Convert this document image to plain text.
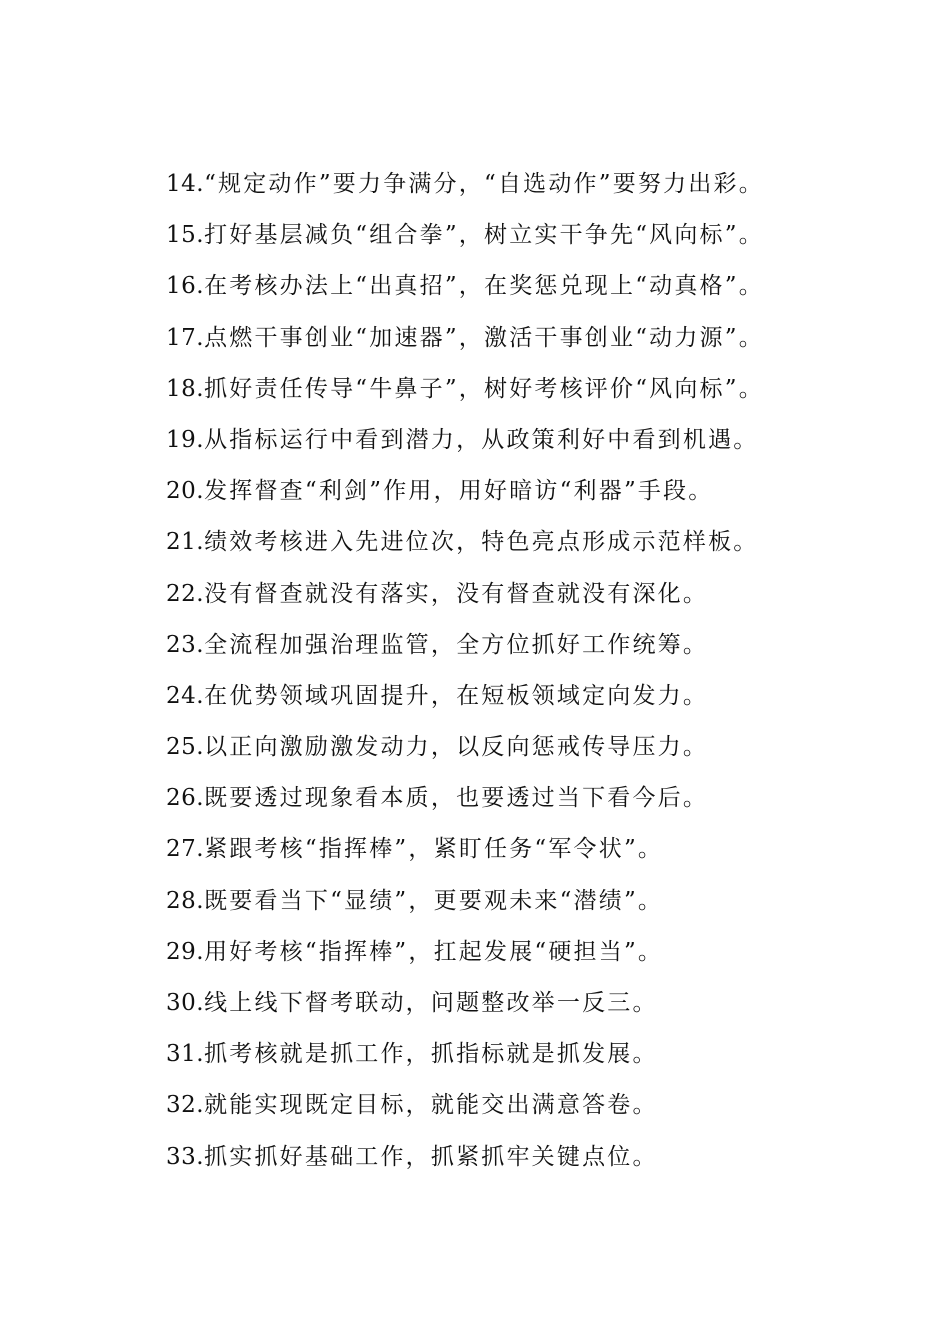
14.“规定动作”要力争满分，“自选动作”要努力出彩。
15.打好基层减负“组合拳”，树立实干争先“风向标”。
16.在考核办法上“出真招”，在奖惩兑现上“动真格”。
17.点燃干事创业“加速器”，激活干事创业“动力源”。
18.抓好责任传导“牛鼻子”，树好考核评价“风向标”。
19.从指标运行中看到潜力，从政策利好中看到机遇。
20.发挥督查“利剑”作用，用好暗访“利器”手段。
21.绩效考核进入先进位次，特色亮点形成示范样板。
22.没有督查就没有落实，没有督查就没有深化。
23.全流程加强治理监管，全方位抓好工作统筹。
24.在优势领域巩固提升，在短板领域定向发力。
25.以正向激励激发动力，以反向惩戒传导压力。
26.既要透过现象看本质，也要透过当下看今后。
27.紧跟考核“指挥棒”，紧盯任务“军令状”。
28.既要看当下“显绩”，更要观未来“潜绩”。
29.用好考核“指挥棒”，扛起发展“硬担当”。
30.线上线下督考联动，问题整改举一反三。
31.抓考核就是抓工作，抓指标就是抓发展。
32.就能实现既定目标，就能交出满意答卷。
33.抓实抓好基础工作，抓紧抓牢关键点位。
